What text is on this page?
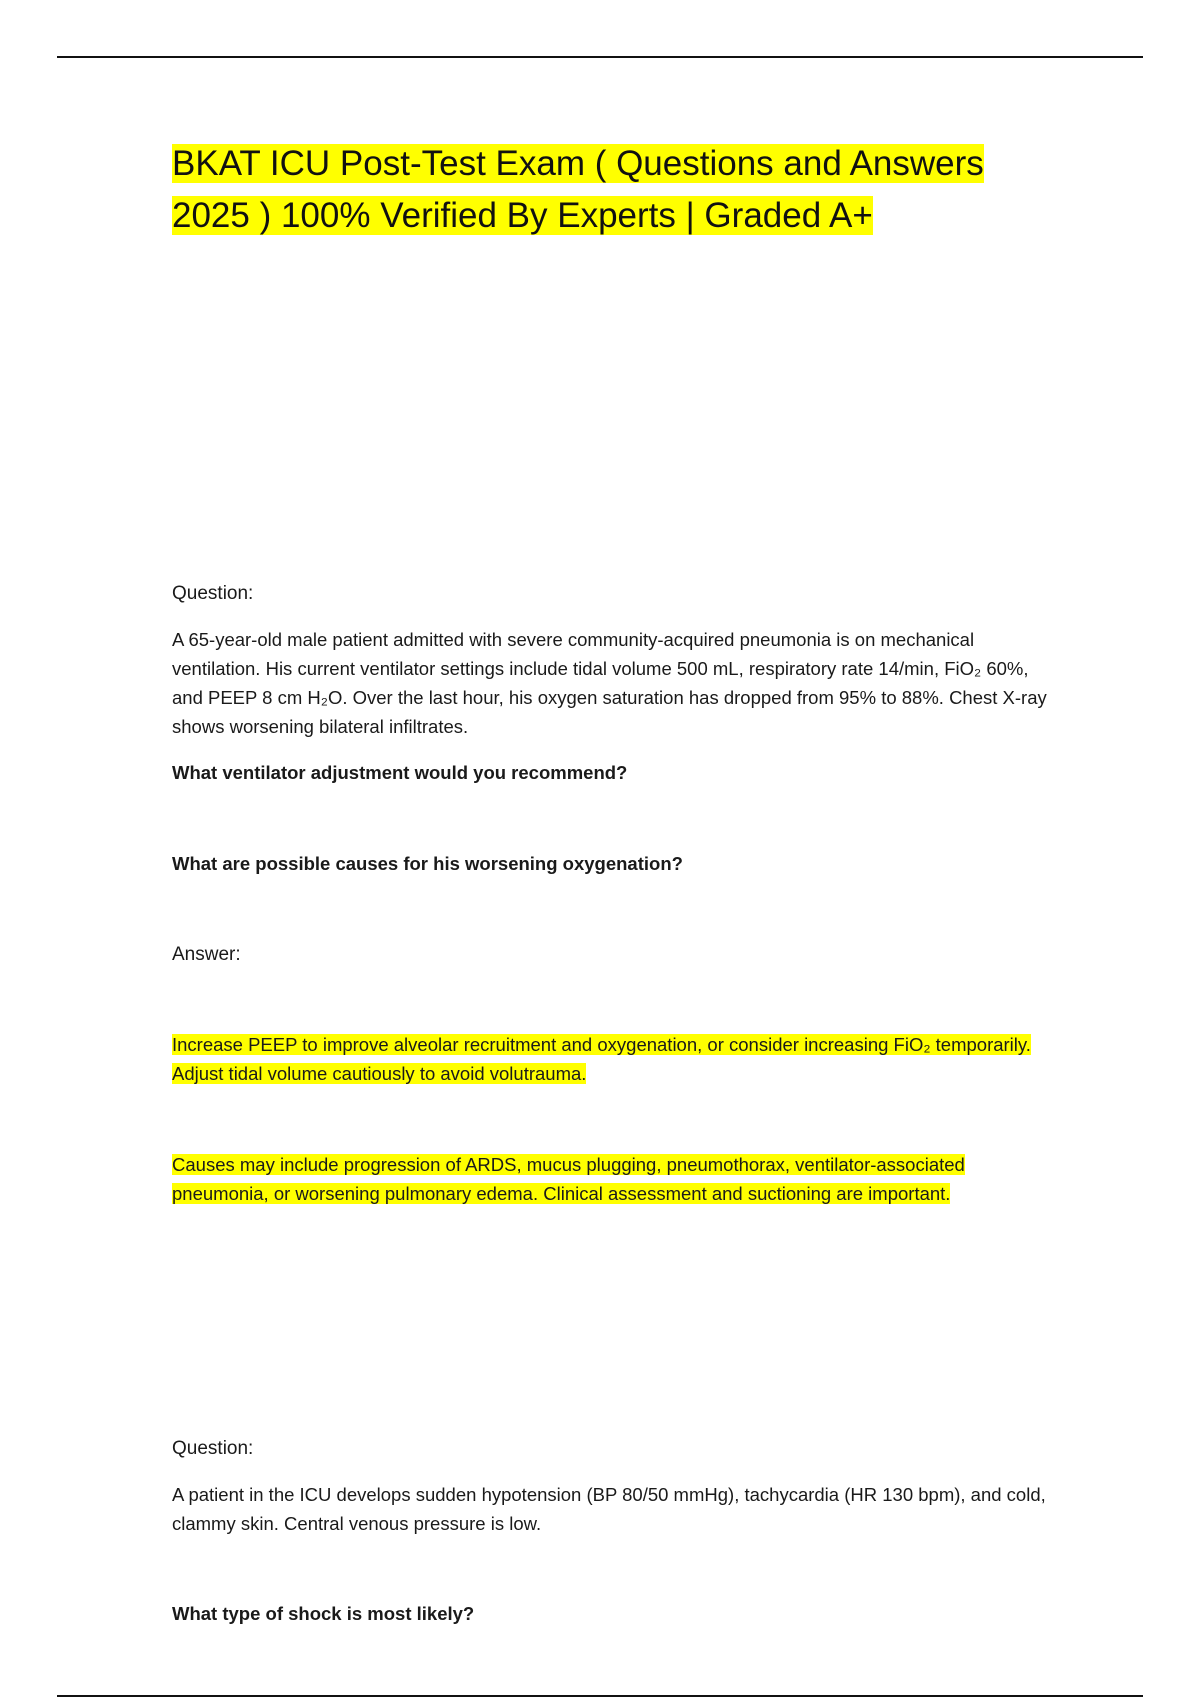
BKAT ICU Post-Test Exam ( Questions and Answers 2025 ) 100% Verified By Experts | Graded A+

Question:

A 65-year-old male patient admitted with severe community-acquired pneumonia is on mechanical ventilation. His current ventilator settings include tidal volume 500 mL, respiratory rate 14/min, FiO₂ 60%, and PEEP 8 cm H₂O. Over the last hour, his oxygen saturation has dropped from 95% to 88%. Chest X-ray shows worsening bilateral infiltrates.

What ventilator adjustment would you recommend?

What are possible causes for his worsening oxygenation?

Answer:

Increase PEEP to improve alveolar recruitment and oxygenation, or consider increasing FiO₂ temporarily. Adjust tidal volume cautiously to avoid volutrauma.

Causes may include progression of ARDS, mucus plugging, pneumothorax, ventilator-associated pneumonia, or worsening pulmonary edema. Clinical assessment and suctioning are important.

Question:

A patient in the ICU develops sudden hypotension (BP 80/50 mmHg), tachycardia (HR 130 bpm), and cold, clammy skin. Central venous pressure is low.

What type of shock is most likely?
